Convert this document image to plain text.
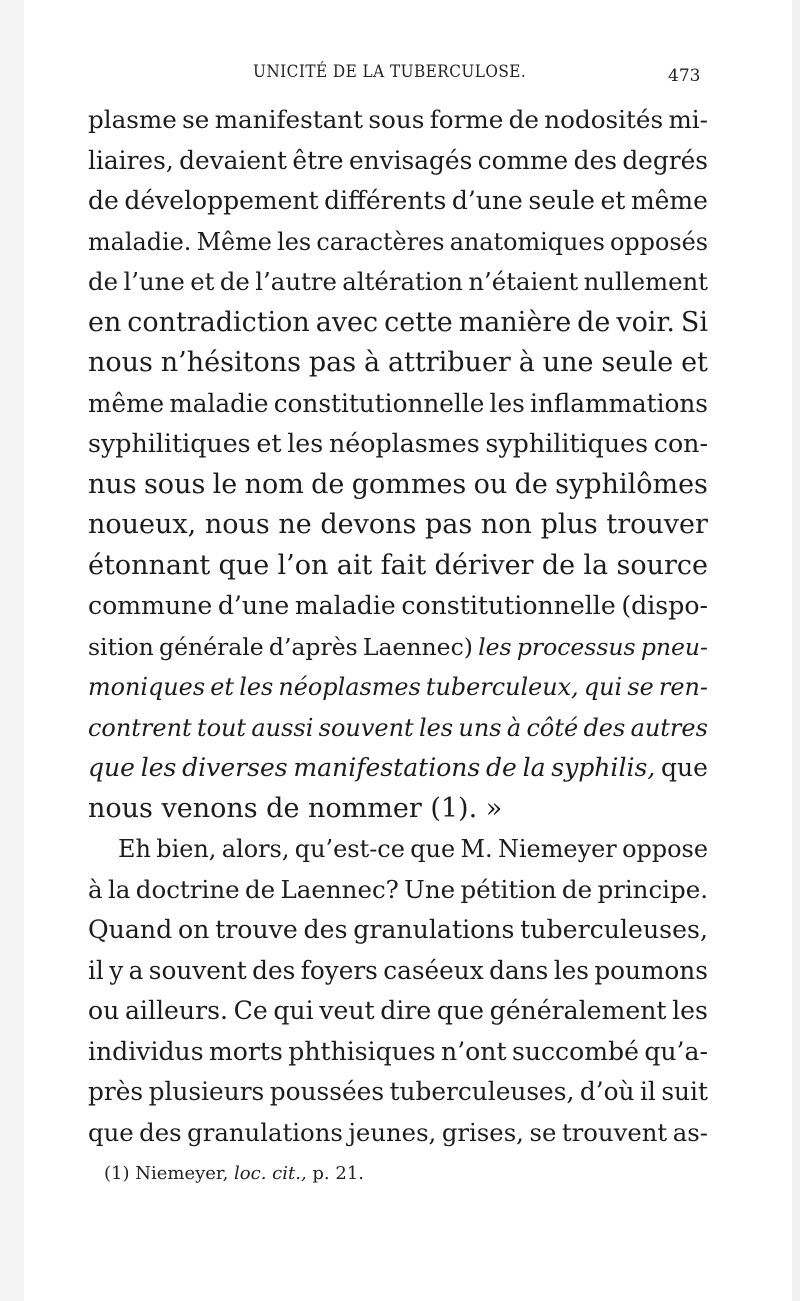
UNICITÉ DE LA TUBERCULOSE.	473
plasme se manifestant sous forme de nodosités mi-
liaires, devaient être envisagés comme des degrés
de développement différents d’une seule et même
maladie. Même les caractères anatomiques opposés
de l’une et de l’autre altération n’étaient nullement
en contradiction avec cette manière de voir. Si
nous n’hésitons pas à attribuer à une seule et
même maladie constitutionnelle les inflammations
syphilitiques et les néoplasmes syphilitiques con-
nus sous le nom de gommes ou de syphilômes
noueux, nous ne devons pas non plus trouver
étonnant que l’on ait fait dériver de la source
commune d’une maladie constitutionnelle (dispo-
sition générale d’après Laennec) les processus pneu-
moniques et les néoplasmes tuberculeux, qui se ren-
contrent tout aussi souvent les uns à côté des autres
que les diverses manifestations de la syphilis, que
nous venons de nommer (1). »
Eh bien, alors, qu’est-ce que M. Niemeyer oppose
à la doctrine de Laennec? Une pétition de principe.
Quand on trouve des granulations tuberculeuses,
il y a souvent des foyers caséeux dans les poumons
ou ailleurs. Ce qui veut dire que généralement les
individus morts phthisiques n’ont succombé qu’a-
près plusieurs poussées tuberculeuses, d’où il suit
que des granulations jeunes, grises, se trouvent as-
(1) Niemeyer, loc. cit., p. 21.
